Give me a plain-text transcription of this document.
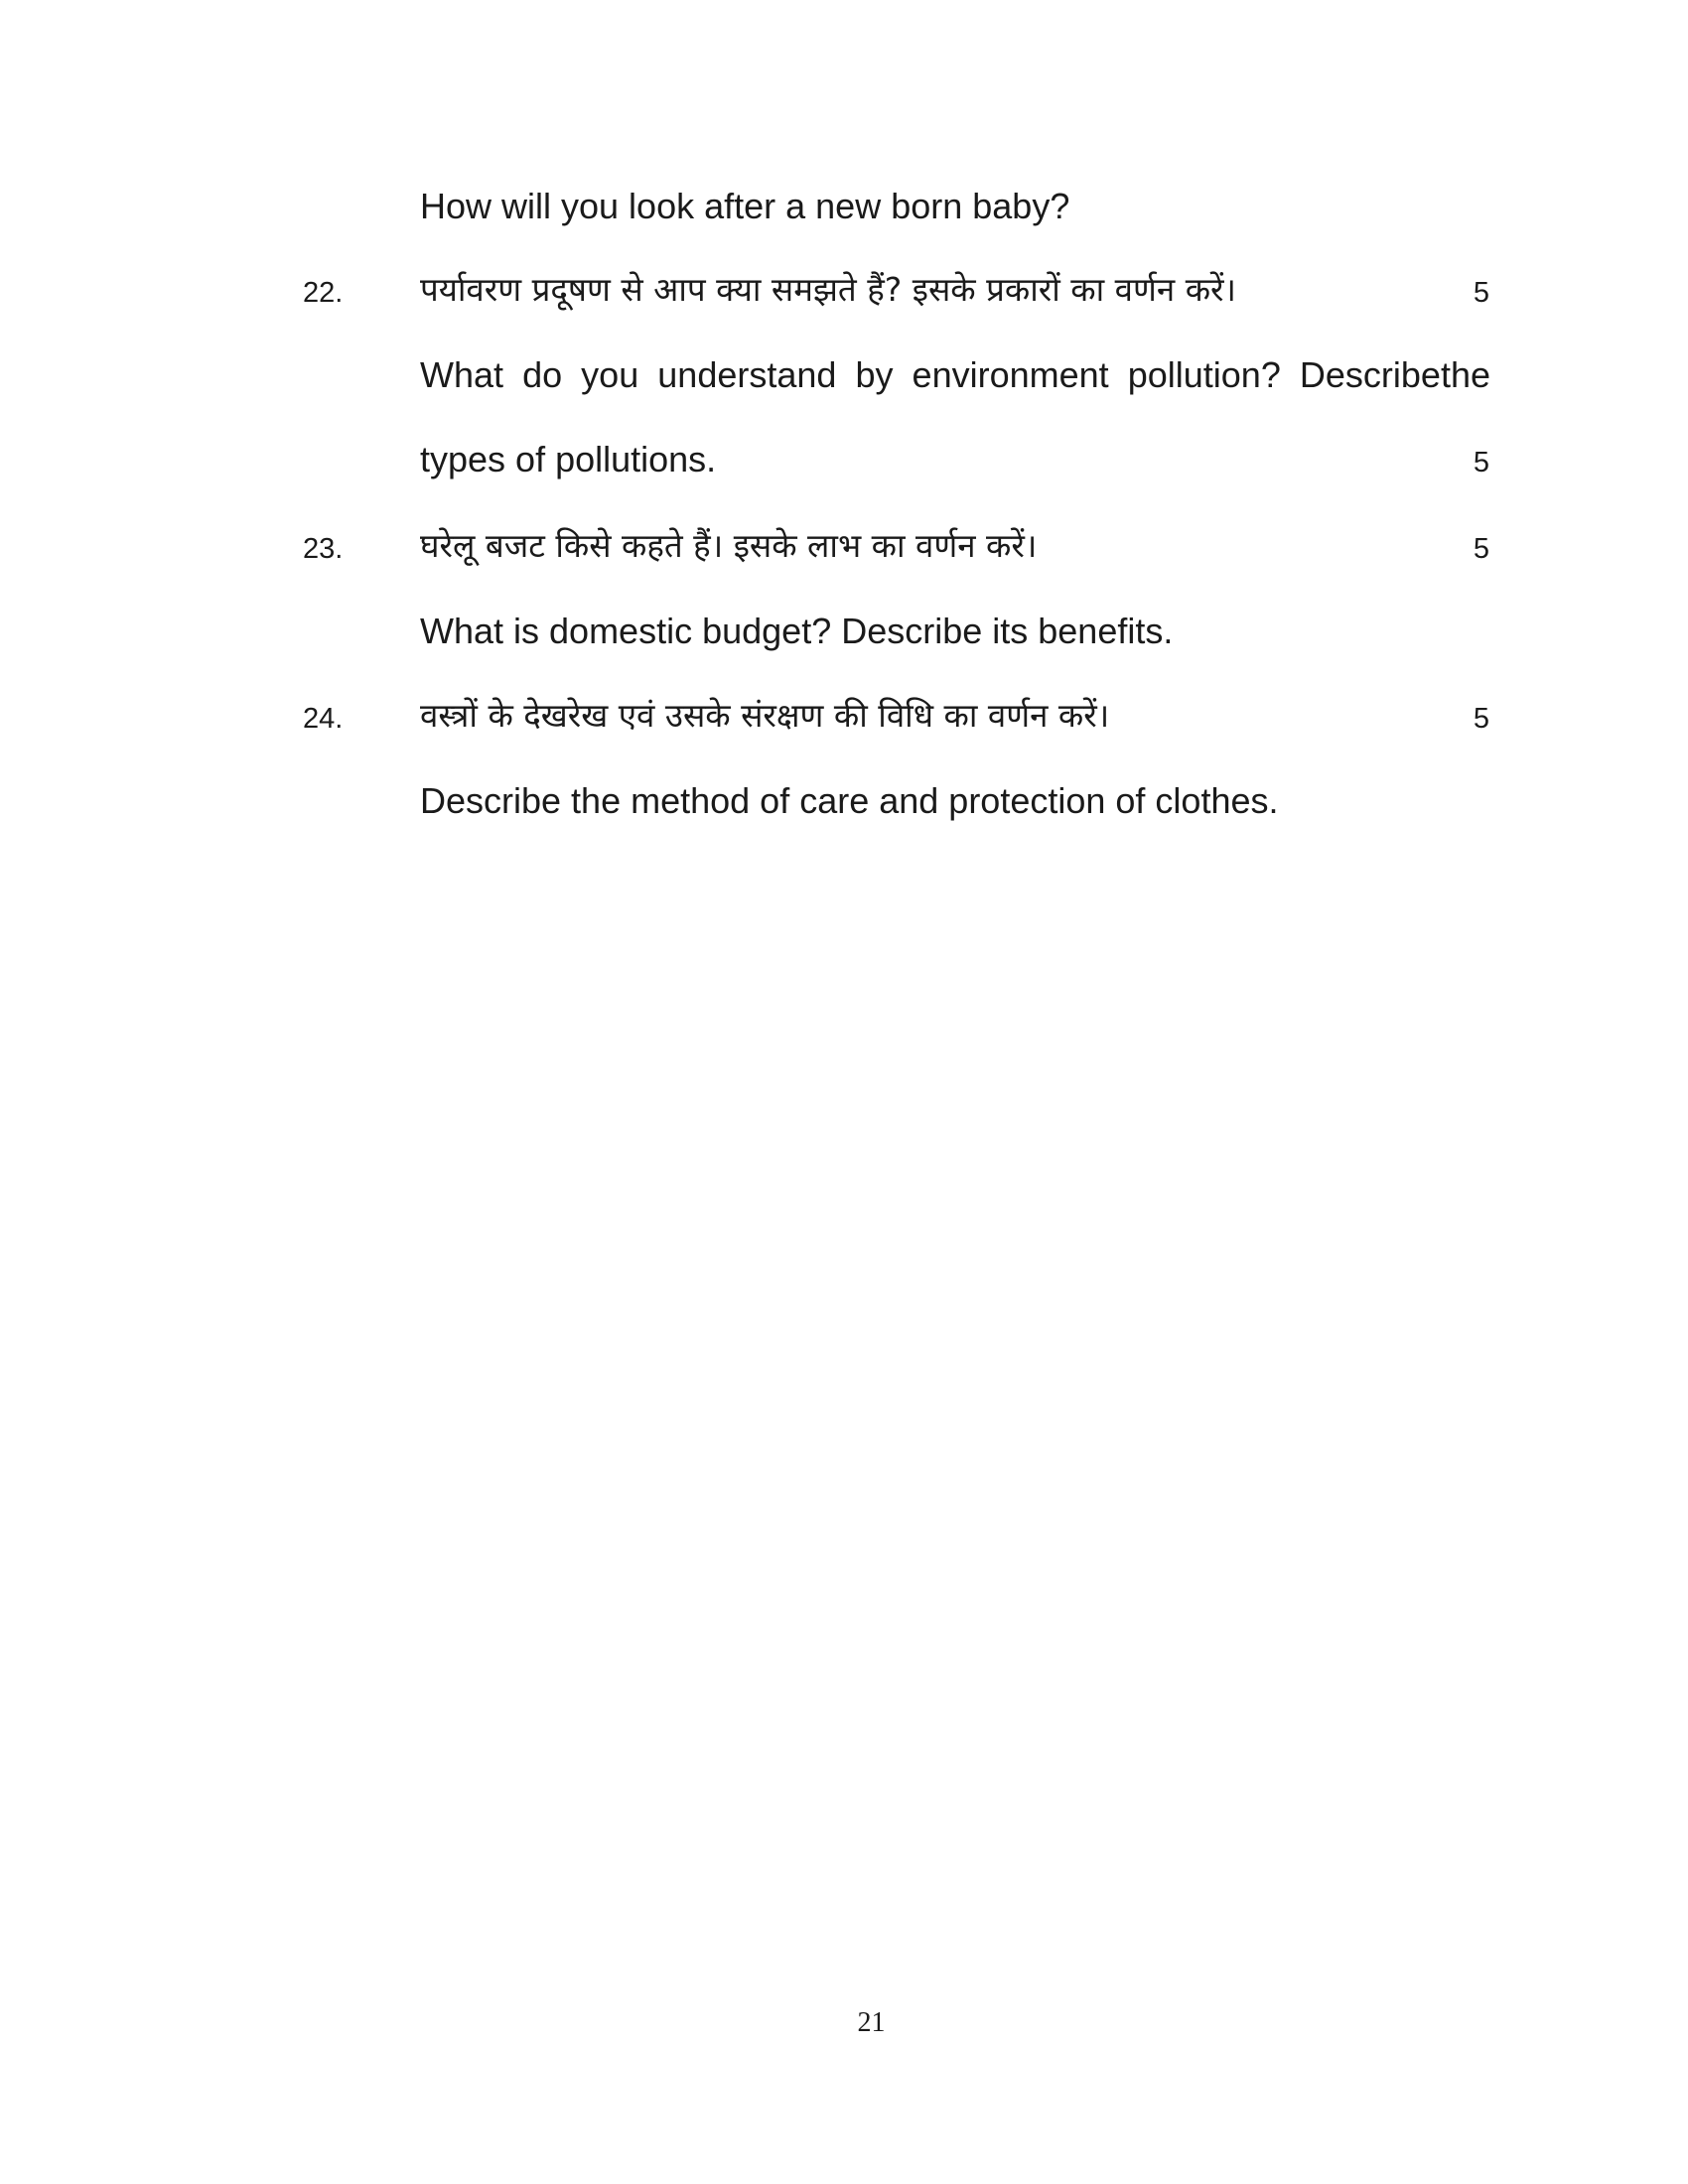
How will you look after a new born baby?
22. पर्यावरण प्रदूषण से आप क्या समझते हैं? इसके प्रकारों का वर्णन करें।	5
What do you understand by environment pollution? Describethe
types of pollutions.	5
23. घरेलू बजट किसे कहते हैं। इसके लाभ का वर्णन करें।	5
What is domestic budget? Describe its benefits.
24. वस्त्रों के देखरेख एवं उसके संरक्षण की विधि का वर्णन करें।	5
Describe the method of care and protection of clothes.
21
